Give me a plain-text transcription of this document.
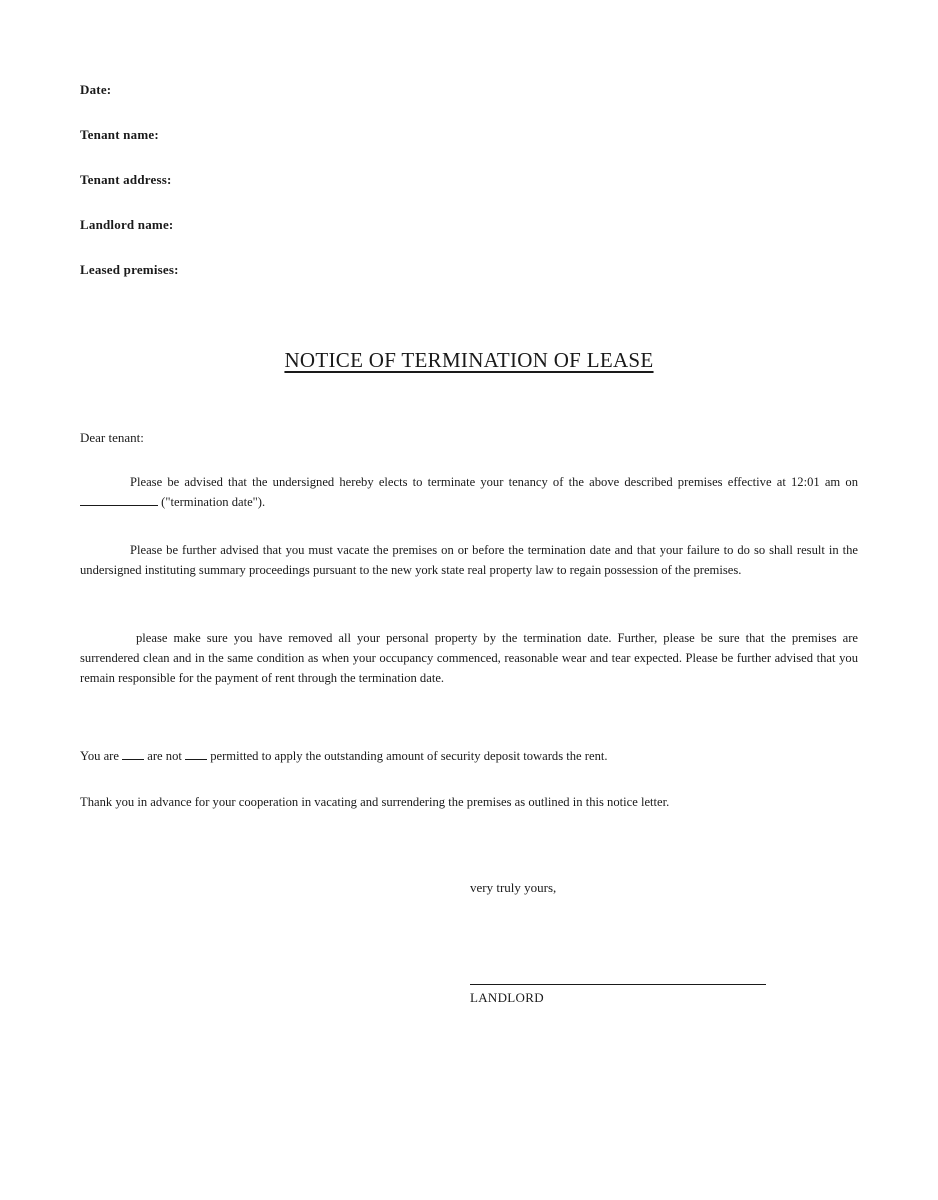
Date:
Tenant name:
Tenant address:
Landlord name:
Leased premises:
NOTICE OF TERMINATION OF LEASE
Dear tenant:
Please be advised that the undersigned hereby elects to terminate your tenancy of the above described premises effective at 12:01 am on  ("termination date").
Please be further advised that you must vacate the premises on or before the termination date and that your failure to do so shall result in the undersigned instituting summary proceedings pursuant to the new york state real property law to regain possession of the premises.
please make sure you have removed all your personal property by the termination date. Further, please be sure that the premises are surrendered clean and in the same condition as when your occupancy commenced, reasonable wear and tear expected. Please be further advised that you remain responsible for the payment of rent through the termination date.
You are are not permitted to apply the outstanding amount of security deposit towards the rent.
Thank you in advance for your cooperation in vacating and surrendering the premises as outlined in this notice letter.
very truly yours,
LANDLORD
